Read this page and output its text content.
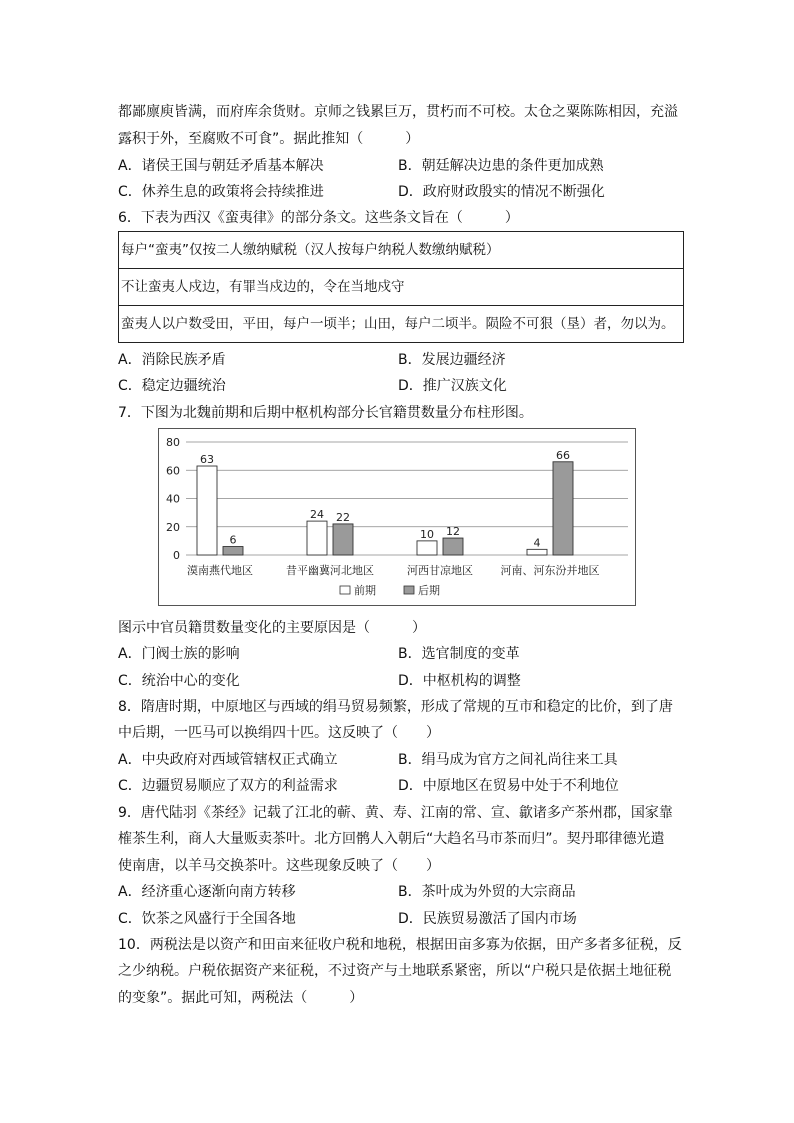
都鄙廪庾皆满，而府库余货财。京师之钱累巨万，贯朽而不可校。太仓之粟陈陈相因，充溢
露积于外，至腐败不可食”。据此推知（　　　）
A．诸侯王国与朝廷矛盾基本解决	B．朝廷解决边患的条件更加成熟
C．休养生息的政策将会持续推进	D．政府财政殷实的情况不断强化
6．下表为西汉《蛮夷律》的部分条文。这些条文旨在（　　　）
每户“蛮夷”仅按二人缴纳赋税（汉人按每户纳税人数缴纳赋税）
不让蛮夷人戍边，有罪当戍边的，令在当地戍守
蛮夷人以户数受田，平田，每户一顷半；山田，每户二顷半。陨险不可狠（垦）者，勿以为。
A．消除民族矛盾	B．发展边疆经济
C．稳定边疆统治	D．推广汉族文化
7．下图为北魏前期和后期中枢机构部分长官籍贯数量分布柱形图。
0
20
40
60
80
63
6
24 22
10 12
4
66
漠南燕代地区	昔平幽冀河北地区	河西甘凉地区	河南、河东汾并地区
前期	后期
图示中官员籍贯数量变化的主要原因是（　　　）
A．门阀士族的影响	B．选官制度的变革
C．统治中心的变化	D．中枢机构的调整
8．隋唐时期，中原地区与西域的绢马贸易频繁，形成了常规的互市和稳定的比价，到了唐
中后期，一匹马可以换绢四十匹。这反映了（　　）
A．中央政府对西域管辖权正式确立	B．绢马成为官方之间礼尚往来工具
C．边疆贸易顺应了双方的利益需求	D．中原地区在贸易中处于不利地位
9．唐代陆羽《茶经》记载了江北的蕲、黄、寿、江南的常、宣、歙诸多产茶州郡，国家靠
榷茶生利，商人大量贩卖茶叶。北方回鹘人入朝后“大趋名马市茶而归”。契丹耶律德光遣
使南唐，以羊马交换茶叶。这些现象反映了（　　）
A．经济重心逐渐向南方转移	B．茶叶成为外贸的大宗商品
C．饮茶之风盛行于全国各地	D．民族贸易激活了国内市场
10．两税法是以资产和田亩来征收户税和地税，根据田亩多寡为依据，田产多者多征税，反
之少纳税。户税依据资产来征税，不过资产与土地联系紧密，所以“户税只是依据土地征税
的变象”。据此可知，两税法（　　　）
